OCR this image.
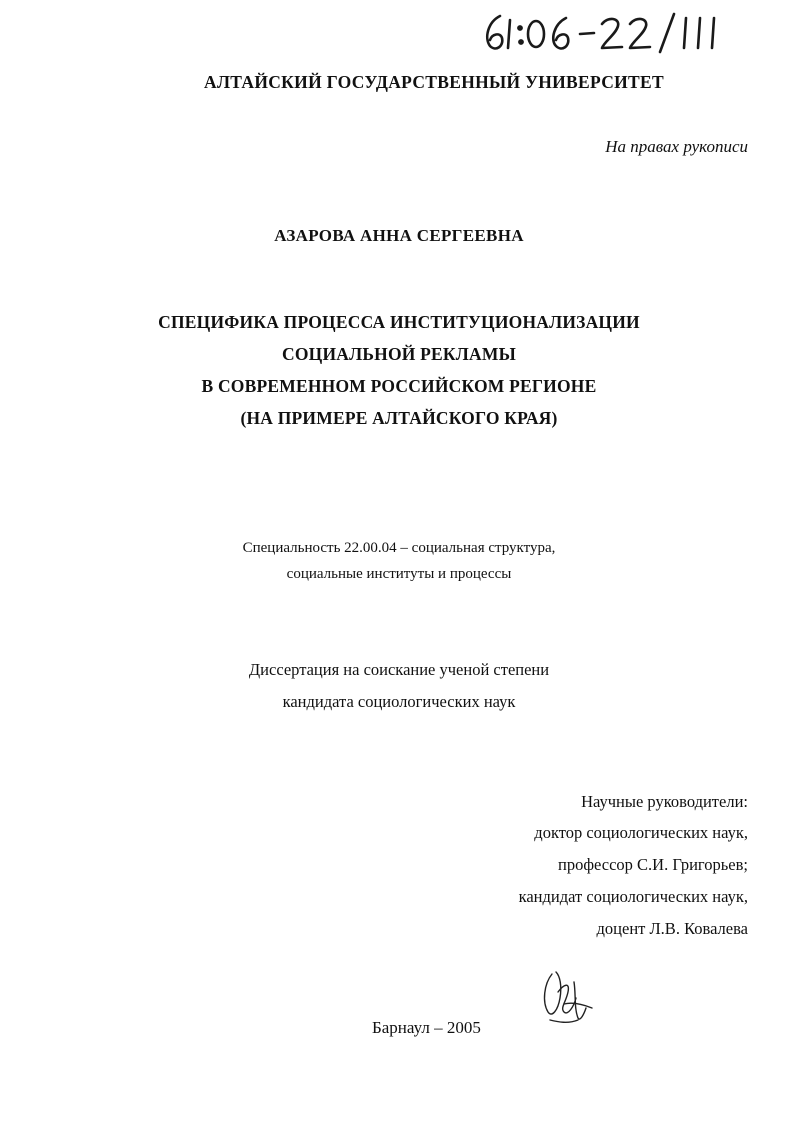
АЛТАЙСКИЙ ГОСУДАРСТВЕННЫЙ УНИВЕРСИТЕТ
На правах рукописи
АЗАРОВА АННА СЕРГЕЕВНА
СПЕЦИФИКА ПРОЦЕССА ИНСТИТУЦИОНАЛИЗАЦИИ
СОЦИАЛЬНОЙ РЕКЛАМЫ
В СОВРЕМЕННОМ РОССИЙСКОМ РЕГИОНЕ
(НА ПРИМЕРЕ АЛТАЙСКОГО КРАЯ)
Специальность 22.00.04 – социальная структура,
социальные институты и процессы
Диссертация на соискание ученой степени
кандидата социологических наук
Научные руководители:
доктор социологических наук,
профессор С.И. Григорьев;
кандидат социологических наук,
доцент Л.В. Ковалева
Барнаул – 2005
